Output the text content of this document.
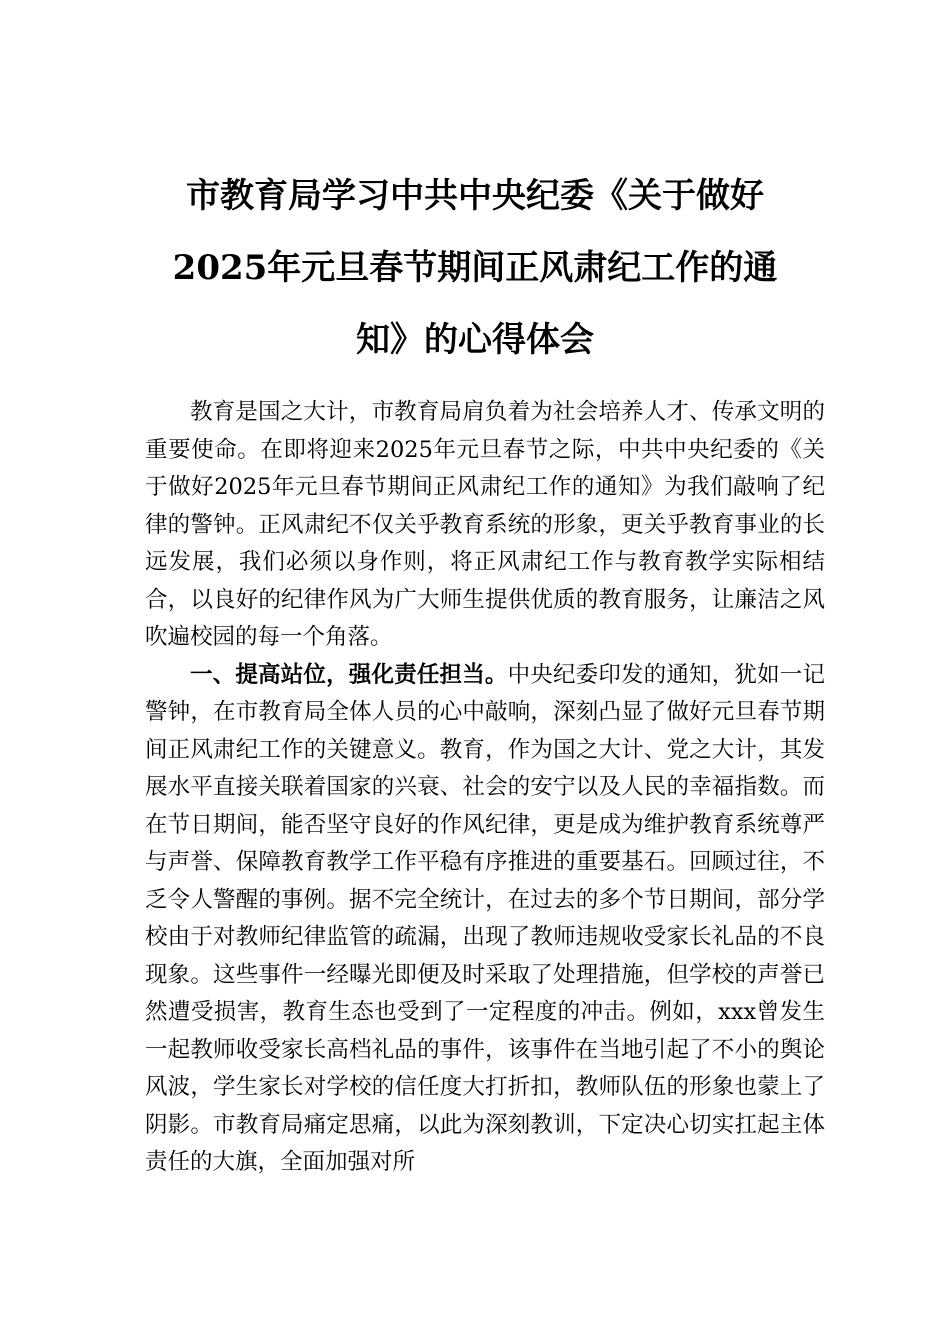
市教育局学习中共中央纪委《关于做好
2025年元旦春节期间正风肃纪工作的通
知》的心得体会

教育是国之大计，市教育局肩负着为社会培养人才、传承文明的重要使命。在即将迎来2025年元旦春节之际，中共中央纪委的《关于做好2025年元旦春节期间正风肃纪工作的通知》为我们敲响了纪律的警钟。正风肃纪不仅关乎教育系统的形象，更关乎教育事业的长远发展，我们必须以身作则，将正风肃纪工作与教育教学实际相结合，以良好的纪律作风为广大师生提供优质的教育服务，让廉洁之风吹遍校园的每一个角落。

一、提高站位，强化责任担当。中央纪委印发的通知，犹如一记警钟，在市教育局全体人员的心中敲响，深刻凸显了做好元旦春节期间正风肃纪工作的关键意义。教育，作为国之大计、党之大计，其发展水平直接关联着国家的兴衰、社会的安宁以及人民的幸福指数。而在节日期间，能否坚守良好的作风纪律，更是成为维护教育系统尊严与声誉、保障教育教学工作平稳有序推进的重要基石。回顾过往，不乏令人警醒的事例。据不完全统计，在过去的多个节日期间，部分学校由于对教师纪律监管的疏漏，出现了教师违规收受家长礼品的不良现象。这些事件一经曝光即便及时采取了处理措施，但学校的声誉已然遭受损害，教育生态也受到了一定程度的冲击。例如，xxx曾发生一起教师收受家长高档礼品的事件，该事件在当地引起了不小的舆论风波，学生家长对学校的信任度大打折扣，教师队伍的形象也蒙上了阴影。市教育局痛定思痛，以此为深刻教训，下定决心切实扛起主体责任的大旗，全面加强对所
